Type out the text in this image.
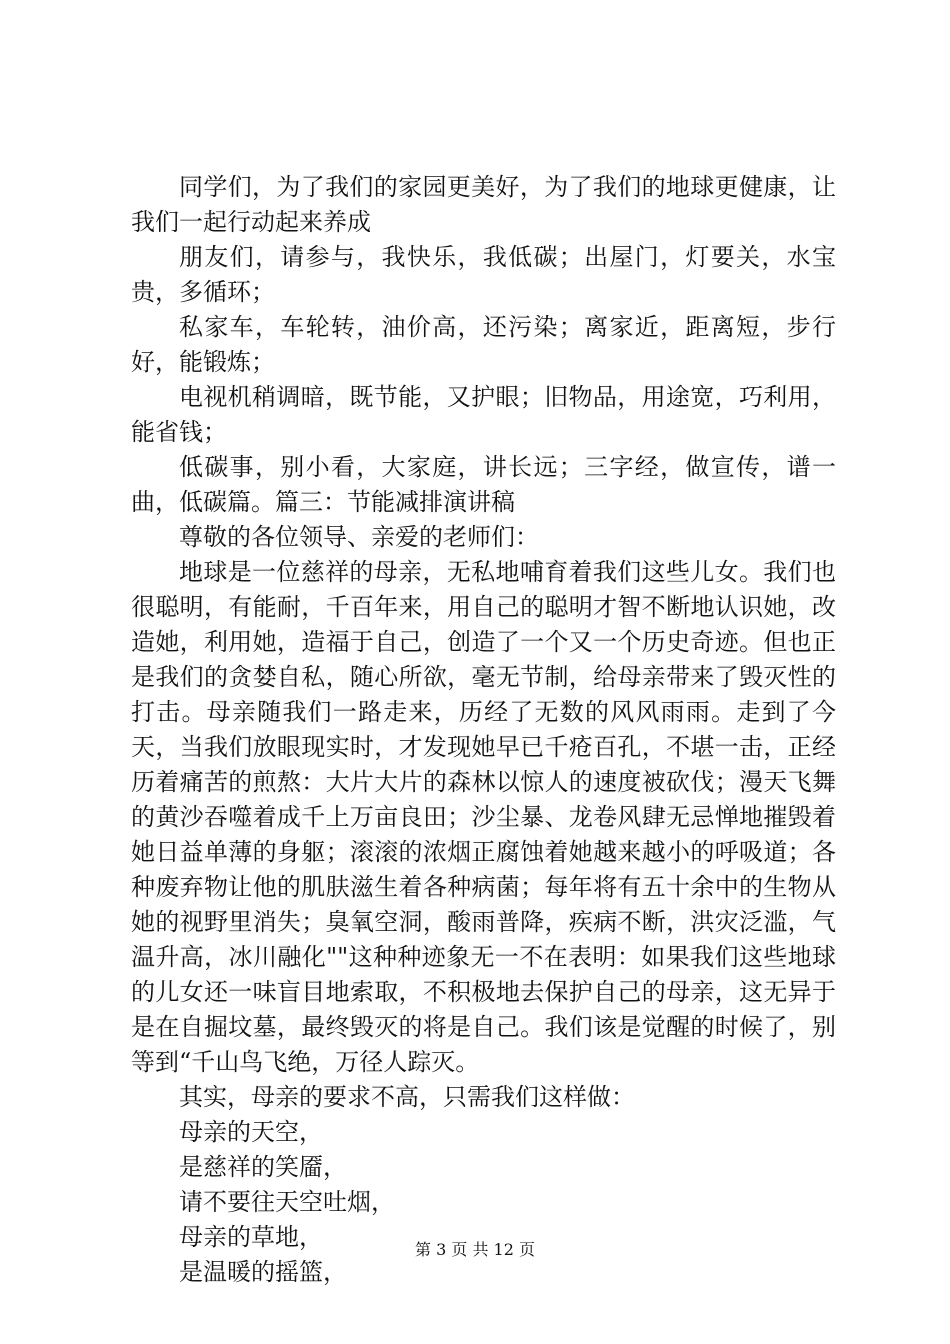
同学们，为了我们的家园更美好，为了我们的地球更健康，让我们一起行动起来养成

朋友们，请参与，我快乐，我低碳；出屋门，灯要关，水宝贵，多循环；

私家车，车轮转，油价高，还污染；离家近，距离短，步行好，能锻炼；

电视机稍调暗，既节能，又护眼；旧物品，用途宽，巧利用，能省钱；

低碳事，别小看，大家庭，讲长远；三字经，做宣传，谱一曲，低碳篇。篇三：节能减排演讲稿

尊敬的各位领导、亲爱的老师们：

地球是一位慈祥的母亲，无私地哺育着我们这些儿女。我们也很聪明，有能耐，千百年来，用自己的聪明才智不断地认识她，改造她，利用她，造福于自己，创造了一个又一个历史奇迹。但也正是我们的贪婪自私，随心所欲，毫无节制，给母亲带来了毁灭性的打击。母亲随我们一路走来，历经了无数的风风雨雨。走到了今天，当我们放眼现实时，才发现她早已千疮百孔，不堪一击，正经历着痛苦的煎熬：大片大片的森林以惊人的速度被砍伐；漫天飞舞的黄沙吞噬着成千上万亩良田；沙尘暴、龙卷风肆无忌惮地摧毁着她日益单薄的身躯；滚滚的浓烟正腐蚀着她越来越小的呼吸道；各种废弃物让他的肌肤滋生着各种病菌；每年将有五十余中的生物从她的视野里消失；臭氧空洞，酸雨普降，疾病不断，洪灾泛滥，气温升高，冰川融化""这种种迹象无一不在表明：如果我们这些地球的儿女还一味盲目地索取，不积极地去保护自己的母亲，这无异于是在自掘坟墓，最终毁灭的将是自己。我们该是觉醒的时候了，别等到“千山鸟飞绝，万径人踪灭。

其实，母亲的要求不高，只需我们这样做：

母亲的天空，

是慈祥的笑靥，

请不要往天空吐烟，

母亲的草地，

是温暖的摇篮，

第 3 页 共 12 页
